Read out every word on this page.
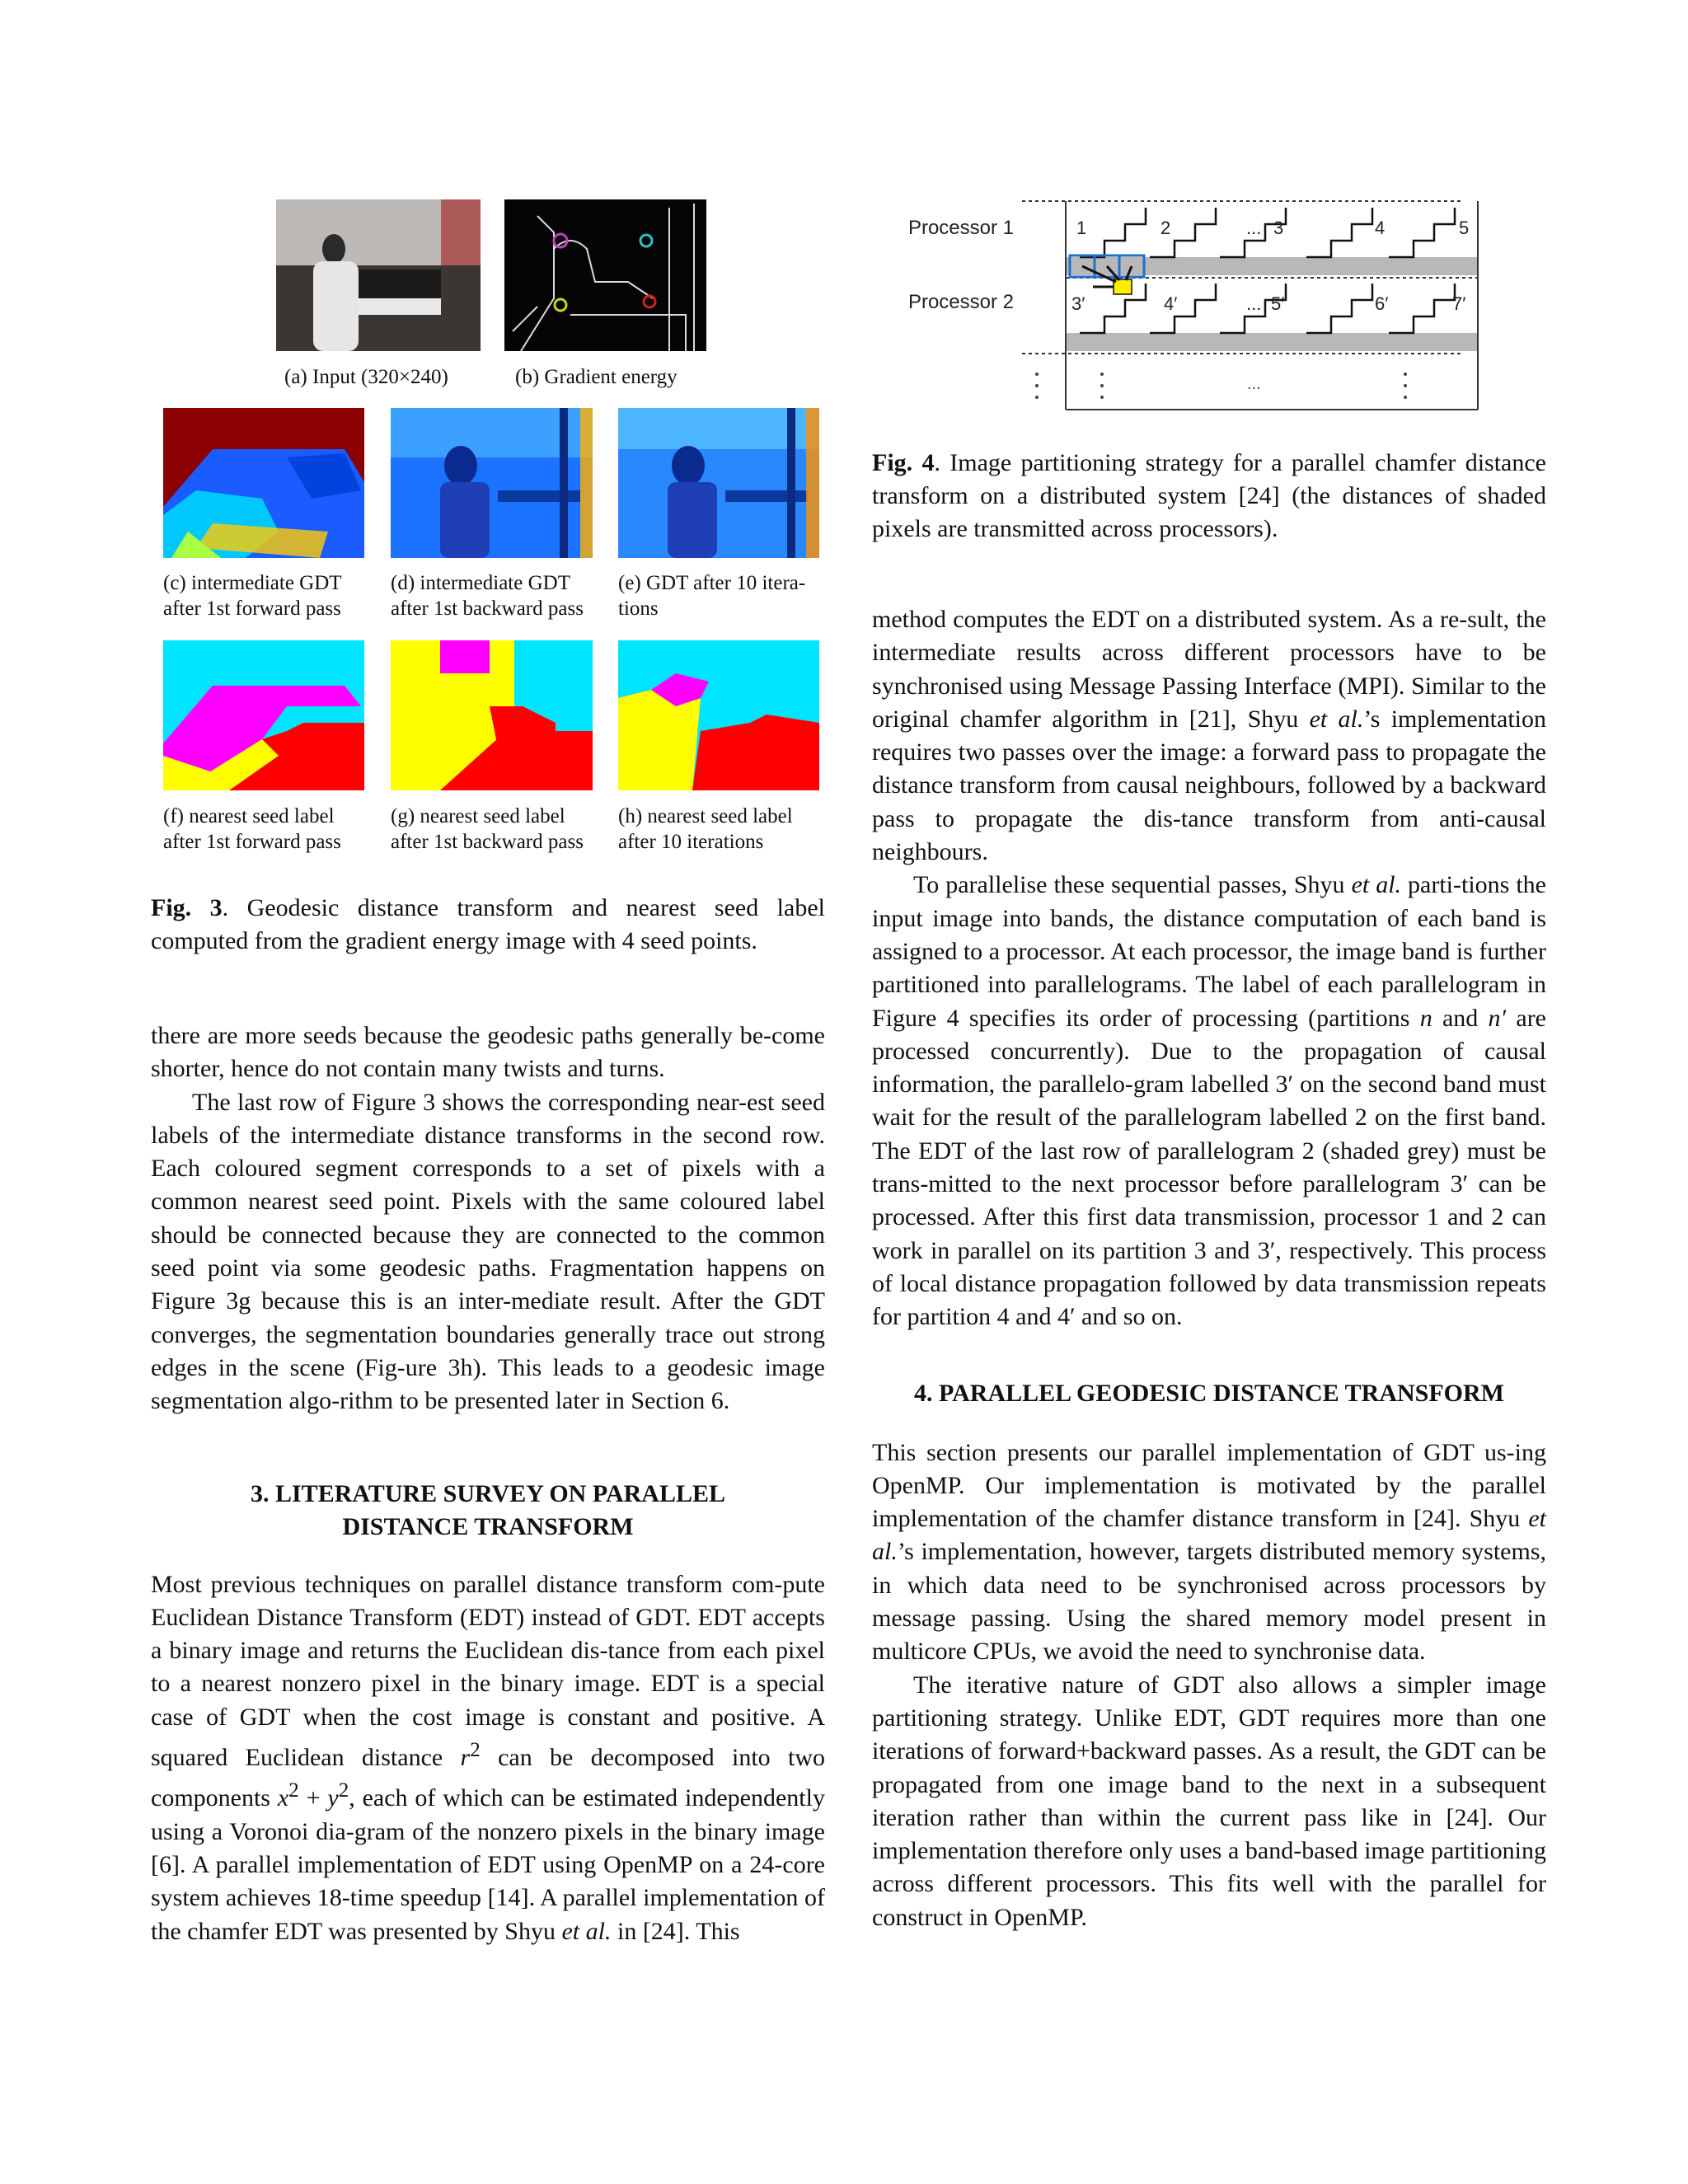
(a) Input (320×240)	(b) Gradient energy
(c) intermediate GDT
after 1st forward pass
(d) intermediate GDT
after 1st backward pass
(e) GDT after 10 itera-
tions
(f) nearest seed label
after 1st forward pass
(g) nearest seed label
after 1st backward pass
(h) nearest seed label
after 10 iterations

Fig. 3. Geodesic distance transform and nearest seed label computed from the gradient energy image with 4 seed points.

there are more seeds because the geodesic paths generally be-come shorter, hence do not contain many twists and turns.

The last row of Figure 3 shows the corresponding near-est seed labels of the intermediate distance transforms in the second row. Each coloured segment corresponds to a set of pixels with a common nearest seed point. Pixels with the same coloured label should be connected because they are connected to the common seed point via some geodesic paths. Fragmentation happens on Figure 3g because this is an inter-mediate result. After the GDT converges, the segmentation boundaries generally trace out strong edges in the scene (Fig-ure 3h). This leads to a geodesic image segmentation algo-rithm to be presented later in Section 6.

3. LITERATURE SURVEY ON PARALLEL
DISTANCE TRANSFORM

Most previous techniques on parallel distance transform com-pute Euclidean Distance Transform (EDT) instead of GDT. EDT accepts a binary image and returns the Euclidean dis-tance from each pixel to a nearest nonzero pixel in the binary image. EDT is a special case of GDT when the cost image is constant and positive. A squared Euclidean distance $r^2$ can be decomposed into two components $x^2 + y^2$, each of which can be estimated independently using a Voronoi dia-gram of the nonzero pixels in the binary image [6]. A parallel implementation of EDT using OpenMP on a 24-core system achieves 18-time speedup [14]. A parallel implementation of the chamfer EDT was presented by Shyu et al. in [24]. This

Processor 1
Processor 2
1	2	... 3	4	5
3′	4′	... 5′	6′	7′
...

Fig. 4. Image partitioning strategy for a parallel chamfer distance transform on a distributed system [24] (the distances of shaded pixels are transmitted across processors).

method computes the EDT on a distributed system. As a re-sult, the intermediate results across different processors have to be synchronised using Message Passing Interface (MPI). Similar to the original chamfer algorithm in [21], Shyu et al.’s implementation requires two passes over the image: a forward pass to propagate the distance transform from causal neighbours, followed by a backward pass to propagate the dis-tance transform from anti-causal neighbours.

To parallelise these sequential passes, Shyu et al. parti-tions the input image into bands, the distance computation of each band is assigned to a processor. At each processor, the image band is further partitioned into parallelograms. The label of each parallelogram in Figure 4 specifies its order of processing (partitions n and n′ are processed concurrently). Due to the propagation of causal information, the parallelo-gram labelled 3′ on the second band must wait for the result of the parallelogram labelled 2 on the first band. The EDT of the last row of parallelogram 2 (shaded grey) must be trans-mitted to the next processor before parallelogram 3′ can be processed. After this first data transmission, processor 1 and 2 can work in parallel on its partition 3 and 3′, respectively. This process of local distance propagation followed by data transmission repeats for partition 4 and 4′ and so on.

4. PARALLEL GEODESIC DISTANCE TRANSFORM

This section presents our parallel implementation of GDT us-ing OpenMP. Our implementation is motivated by the parallel implementation of the chamfer distance transform in [24]. Shyu et al.’s implementation, however, targets distributed memory systems, in which data need to be synchronised across processors by message passing. Using the shared memory model present in multicore CPUs, we avoid the need to synchronise data.

The iterative nature of GDT also allows a simpler image partitioning strategy. Unlike EDT, GDT requires more than one iterations of forward+backward passes. As a result, the GDT can be propagated from one image band to the next in a subsequent iteration rather than within the current pass like in [24]. Our implementation therefore only uses a band-based image partitioning across different processors. This fits well with the parallel for construct in OpenMP.
